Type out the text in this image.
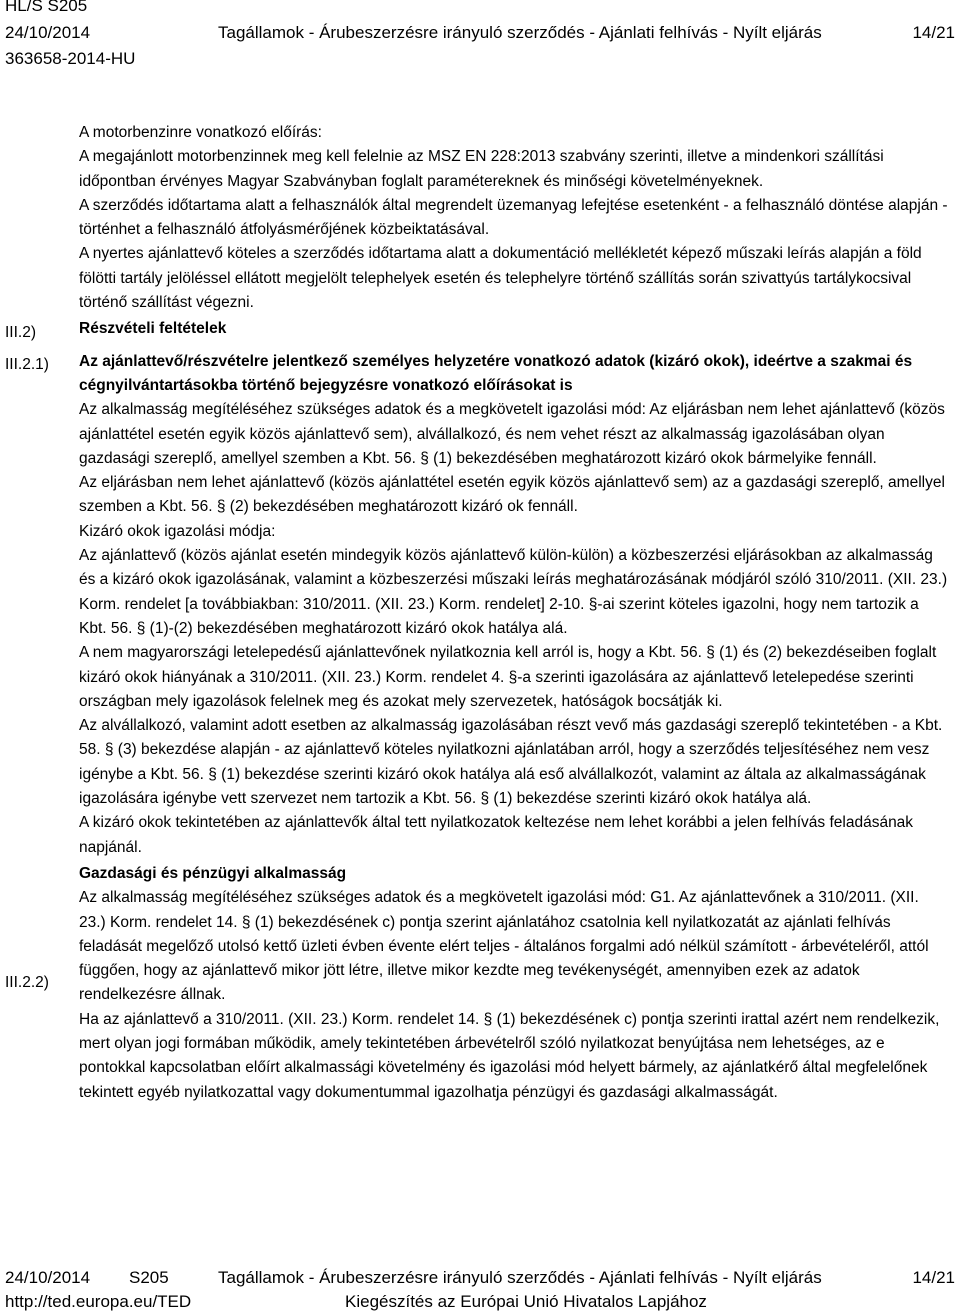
HL/S S205
24/10/2014	Tagállamok - Árubeszerzésre irányuló szerződés - Ajánlati felhívás - Nyílt eljárás	14/21
363658-2014-HU
III.2)
III.2.1)
III.2.2)

A motorbenzinre vonatkozó előírás:

A megajánlott motorbenzinnek meg kell felelnie az MSZ EN 228:2013 szabvány szerinti, illetve a mindenkori szállítási időpontban érvényes Magyar Szabványban foglalt paramétereknek és minőségi követelményeknek.

A szerződés időtartama alatt a felhasználók által megrendelt üzemanyag lefejtése esetenként - a felhasználó döntése alapján - történhet a felhasználó átfolyásmérőjének közbeiktatásával.

A nyertes ajánlattevő köteles a szerződés időtartama alatt a dokumentáció mellékletét képező műszaki leírás alapján a föld fölötti tartály jelöléssel ellátott megjelölt telephelyek esetén és telephelyre történő szállítás során szivattyús tartálykocsival történő szállítást végezni.

Részvételi feltételek

Az ajánlattevő/részvételre jelentkező személyes helyzetére vonatkozó adatok (kizáró okok), ideértve a szakmai és cégnyilvántartásokba történő bejegyzésre vonatkozó előírásokat is

Az alkalmasság megítéléséhez szükséges adatok és a megkövetelt igazolási mód: Az eljárásban nem lehet ajánlattevő (közös ajánlattétel esetén egyik közös ajánlattevő sem), alvállalkozó, és nem vehet részt az alkalmasság igazolásában olyan gazdasági szereplő, amellyel szemben a Kbt. 56. § (1) bekezdésében meghatározott kizáró okok bármelyike fennáll.

Az eljárásban nem lehet ajánlattevő (közös ajánlattétel esetén egyik közös ajánlattevő sem) az a gazdasági szereplő, amellyel szemben a Kbt. 56. § (2) bekezdésében meghatározott kizáró ok fennáll.

Kizáró okok igazolási módja:

Az ajánlattevő (közös ajánlat esetén mindegyik közös ajánlattevő külön-külön) a közbeszerzési eljárásokban az alkalmasság és a kizáró okok igazolásának, valamint a közbeszerzési műszaki leírás meghatározásának módjáról szóló 310/2011. (XII. 23.) Korm. rendelet [a továbbiakban: 310/2011. (XII. 23.) Korm. rendelet] 2-10. §-ai szerint köteles igazolni, hogy nem tartozik a Kbt. 56. § (1)-(2) bekezdésében meghatározott kizáró okok hatálya alá.

A nem magyarországi letelepedésű ajánlattevőnek nyilatkoznia kell arról is, hogy a Kbt. 56. § (1) és (2) bekezdéseiben foglalt kizáró okok hiányának a 310/2011. (XII. 23.) Korm. rendelet 4. §-a szerinti igazolására az ajánlattevő letelepedése szerinti országban mely igazolások felelnek meg és azokat mely szervezetek, hatóságok bocsátják ki.

Az alvállalkozó, valamint adott esetben az alkalmasság igazolásában részt vevő más gazdasági szereplő tekintetében - a Kbt. 58. § (3) bekezdése alapján - az ajánlattevő köteles nyilatkozni ajánlatában arról, hogy a szerződés teljesítéséhez nem vesz igénybe a Kbt. 56. § (1) bekezdése szerinti kizáró okok hatálya alá eső alvállalkozót, valamint az általa az alkalmasságának igazolására igénybe vett szervezet nem tartozik a Kbt. 56. § (1) bekezdése szerinti kizáró okok hatálya alá.

A kizáró okok tekintetében az ajánlattevők által tett nyilatkozatok keltezése nem lehet korábbi a jelen felhívás feladásának napjánál.

Gazdasági és pénzügyi alkalmasság

Az alkalmasság megítéléséhez szükséges adatok és a megkövetelt igazolási mód: G1. Az ajánlattevőnek a 310/2011. (XII. 23.) Korm. rendelet 14. § (1) bekezdésének c) pontja szerint ajánlatához csatolnia kell nyilatkozatát az ajánlati felhívás feladását megelőző utolsó kettő üzleti évben évente elért teljes - általános forgalmi adó nélkül számított - árbevételéről, attól függően, hogy az ajánlattevő mikor jött létre, illetve mikor kezdte meg tevékenységét, amennyiben ezek az adatok rendelkezésre állnak.

Ha az ajánlattevő a 310/2011. (XII. 23.) Korm. rendelet 14. § (1) bekezdésének c) pontja szerinti irattal azért nem rendelkezik, mert olyan jogi formában működik, amely tekintetében árbevételről szóló nyilatkozat benyújtása nem lehetséges, az e pontokkal kapcsolatban előírt alkalmassági követelmény és igazolási mód helyett bármely, az ajánlatkérő által megfelelőnek tekintett egyéb nyilatkozattal vagy dokumentummal igazolhatja pénzügyi és gazdasági alkalmasságát.

24/10/2014 S205	Tagállamok - Árubeszerzésre irányuló szerződés - Ajánlati felhívás - Nyílt eljárás	14/21
http://ted.europa.eu/TED	Kiegészítés az Európai Unió Hivatalos Lapjához
